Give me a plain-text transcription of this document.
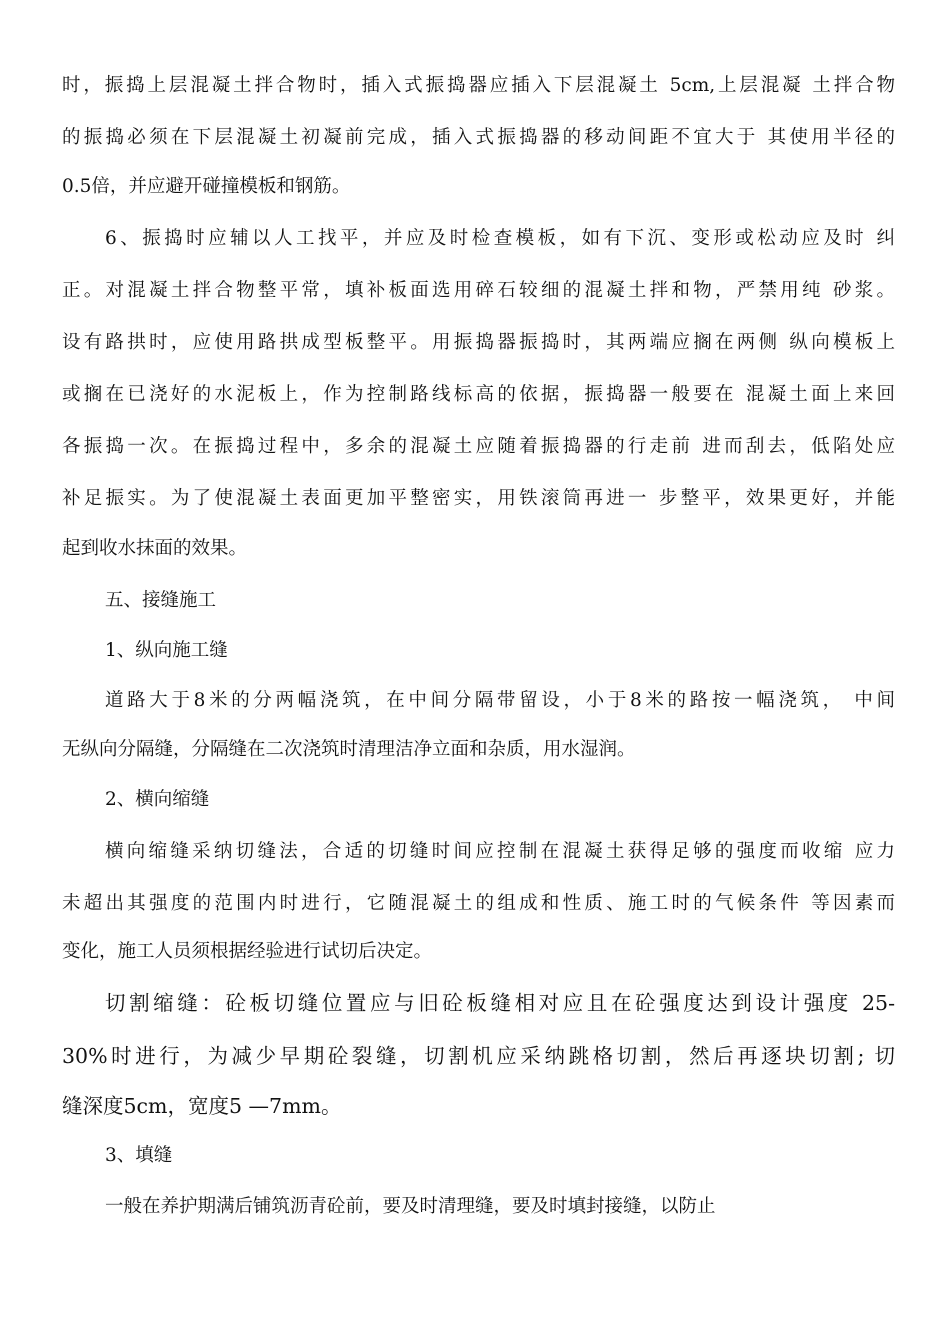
时，振捣上层混凝土拌合物时，插入式振捣器应插入下层混凝土 5cm,上层混凝 土拌合物
的振捣必须在下层混凝土初凝前完成，插入式振捣器的移动间距不宜大于 其使用半径的
0.5倍，并应避开碰撞模板和钢筋。
6、振捣时应辅以人工找平，并应及时检查模板，如有下沉、变形或松动应及时 纠
正。对混凝土拌合物整平常，填补板面选用碎石较细的混凝土拌和物，严禁用纯 砂浆。
设有路拱时，应使用路拱成型板整平。用振捣器振捣时，其两端应搁在两侧 纵向模板上
或搁在已浇好的水泥板上，作为控制路线标高的依据，振捣器一般要在 混凝土面上来回
各振捣一次。在振捣过程中，多余的混凝土应随着振捣器的行走前 进而刮去，低陷处应
补足振实。为了使混凝土表面更加平整密实，用铁滚筒再进一 步整平，效果更好，并能
起到收水抹面的效果。
五、接缝施工
1、纵向施工缝
道路大于8米的分两幅浇筑，在中间分隔带留设，小于8米的路按一幅浇筑， 中间
无纵向分隔缝，分隔缝在二次浇筑时清理洁净立面和杂质，用水湿润。
2、横向缩缝
横向缩缝采纳切缝法，合适的切缝时间应控制在混凝土获得足够的强度而收缩 应力
未超出其强度的范围内时进行，它随混凝土的组成和性质、施工时的气候条件 等因素而
变化，施工人员须根据经验进行试切后决定。
切割缩缝：砼板切缝位置应与旧砼板缝相对应且在砼强度达到设计强度 25-
30%时进行，为减少早期砼裂缝，切割机应采纳跳格切割，然后再逐块切割; 切
缝深度5cm，宽度5 —7mm。
3、填缝
一般在养护期满后铺筑沥青砼前，要及时清理缝，要及时填封接缝，以防止
